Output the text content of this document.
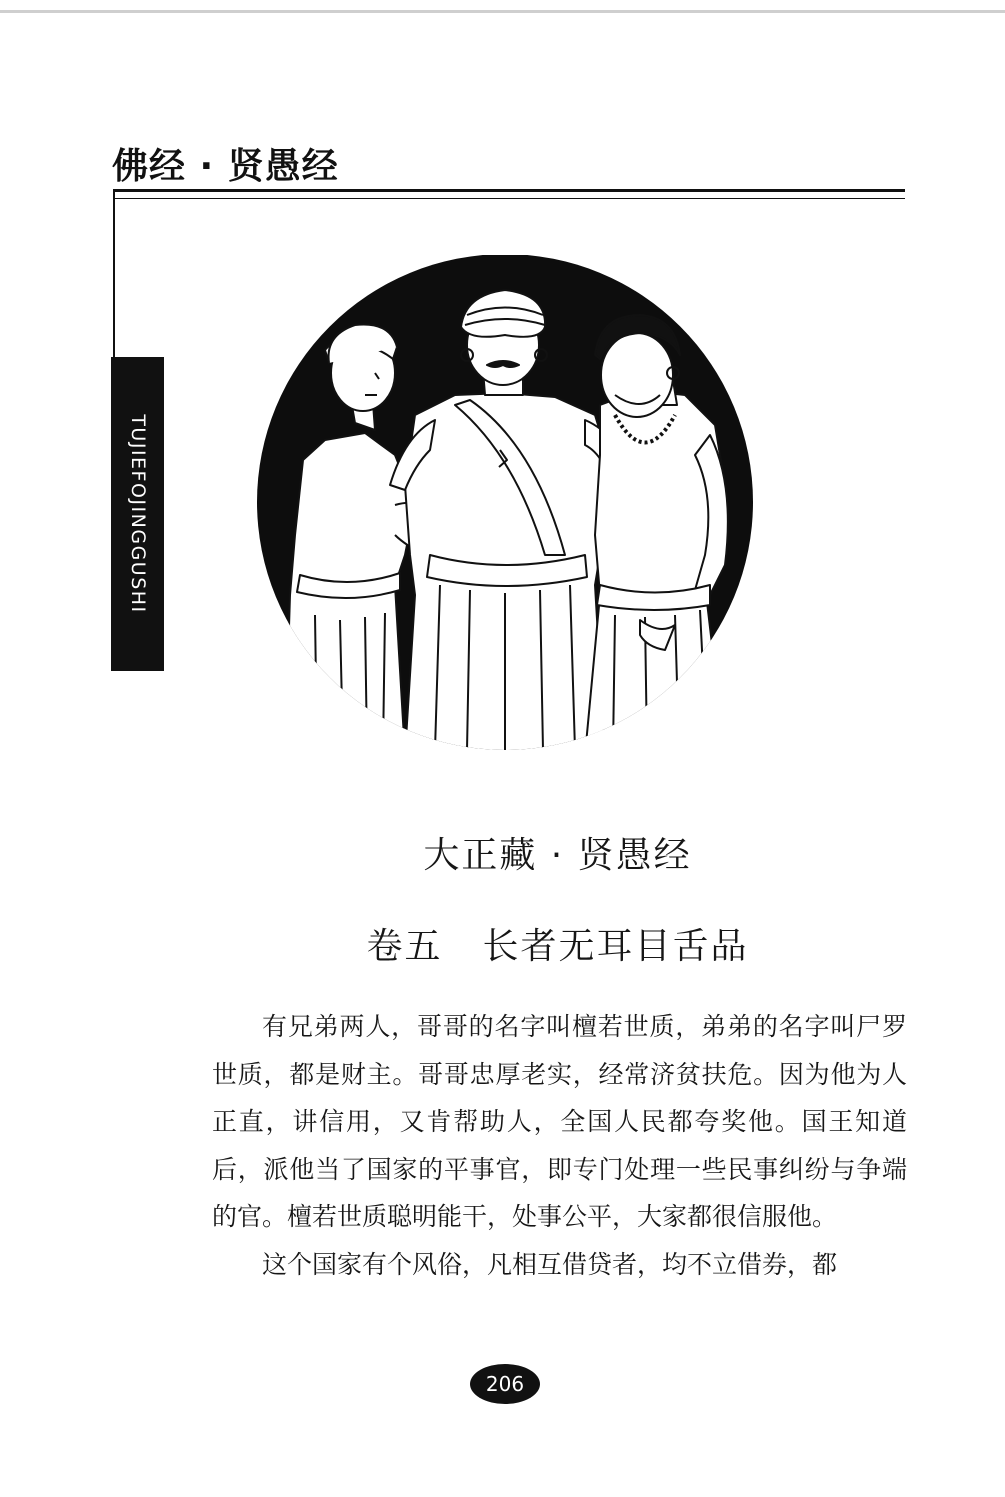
佛经 · 贤愚经
TUJIEFOJINGGUSHI
大正藏 · 贤愚经
卷五 长者无耳目舌品

有兄弟两人，哥哥的名字叫檀若世质，弟弟的名字叫尸罗世质，都是财主。哥哥忠厚老实，经常济贫扶危。因为他为人正直，讲信用，又肯帮助人，全国人民都夸奖他。国王知道后，派他当了国家的平事官，即专门处理一些民事纠纷与争端的官。檀若世质聪明能干，处事公平，大家都很信服他。

这个国家有个风俗，凡相互借贷者，均不立借券，都

206
